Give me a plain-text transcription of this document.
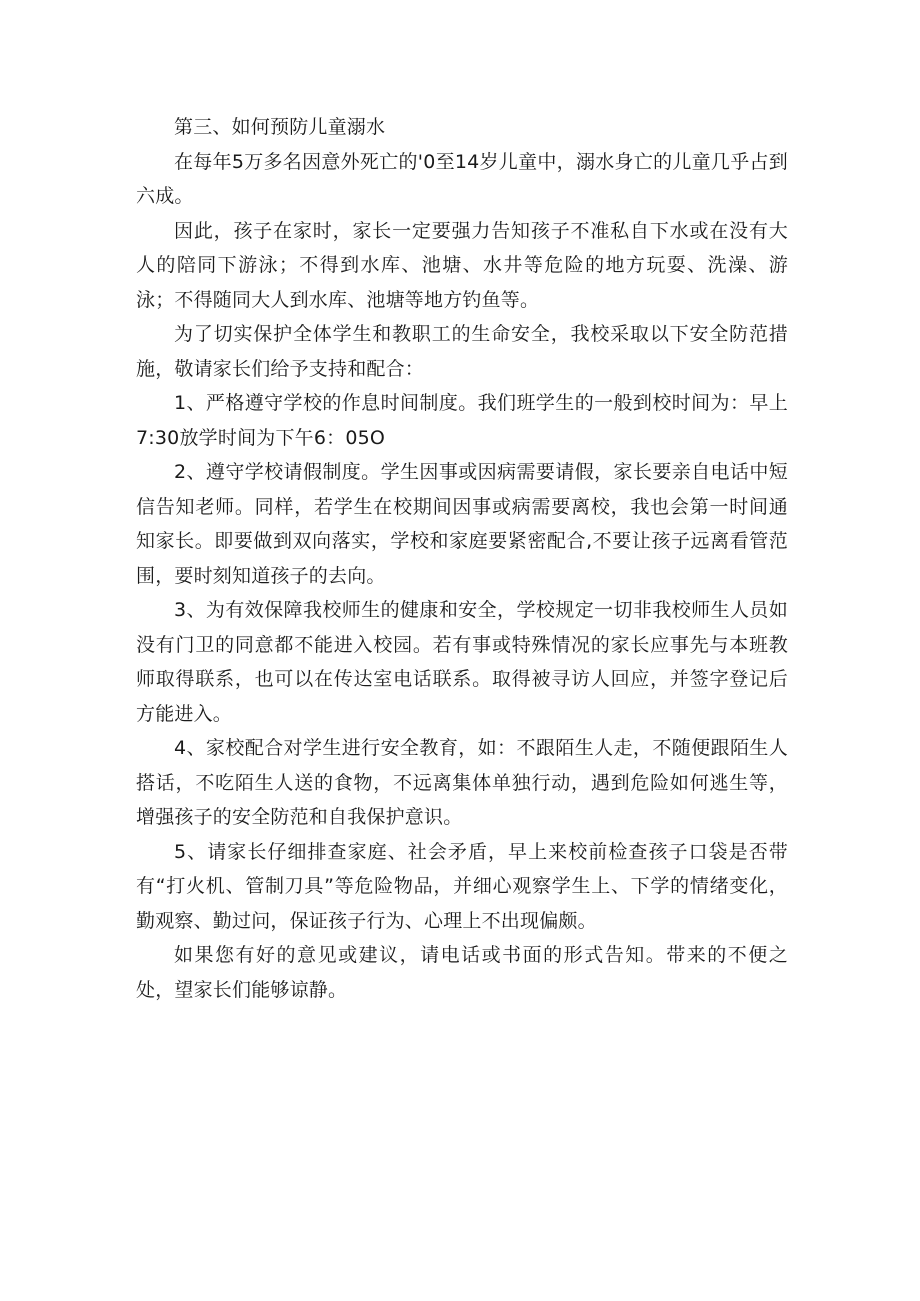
第三、如何预防儿童溺水

在每年5万多名因意外死亡的'0至14岁儿童中，溺水身亡的儿童几乎占到六成。

因此，孩子在家时，家长一定要强力告知孩子不准私自下水或在没有大人的陪同下游泳；不得到水库、池塘、水井等危险的地方玩耍、洗澡、游泳；不得随同大人到水库、池塘等地方钓鱼等。

为了切实保护全体学生和教职工的生命安全，我校采取以下安全防范措施，敬请家长们给予支持和配合：

1、严格遵守学校的作息时间制度。我们班学生的一般到校时间为：早上7:30放学时间为下午6：05O

2、遵守学校请假制度。学生因事或因病需要请假，家长要亲自电话中短信告知老师。同样，若学生在校期间因事或病需要离校，我也会第一时间通知家长。即要做到双向落实，学校和家庭要紧密配合,不要让孩子远离看管范围，要时刻知道孩子的去向。

3、为有效保障我校师生的健康和安全，学校规定一切非我校师生人员如没有门卫的同意都不能进入校园。若有事或特殊情况的家长应事先与本班教师取得联系，也可以在传达室电话联系。取得被寻访人回应，并签字登记后方能进入。

4、家校配合对学生进行安全教育，如：不跟陌生人走，不随便跟陌生人搭话，不吃陌生人送的食物，不远离集体单独行动，遇到危险如何逃生等，增强孩子的安全防范和自我保护意识。

5、请家长仔细排查家庭、社会矛盾，早上来校前检查孩子口袋是否带有“打火机、管制刀具”等危险物品，并细心观察学生上、下学的情绪变化，勤观察、勤过问，保证孩子行为、心理上不出现偏颇。

如果您有好的意见或建议，请电话或书面的形式告知。带来的不便之处，望家长们能够谅静。
